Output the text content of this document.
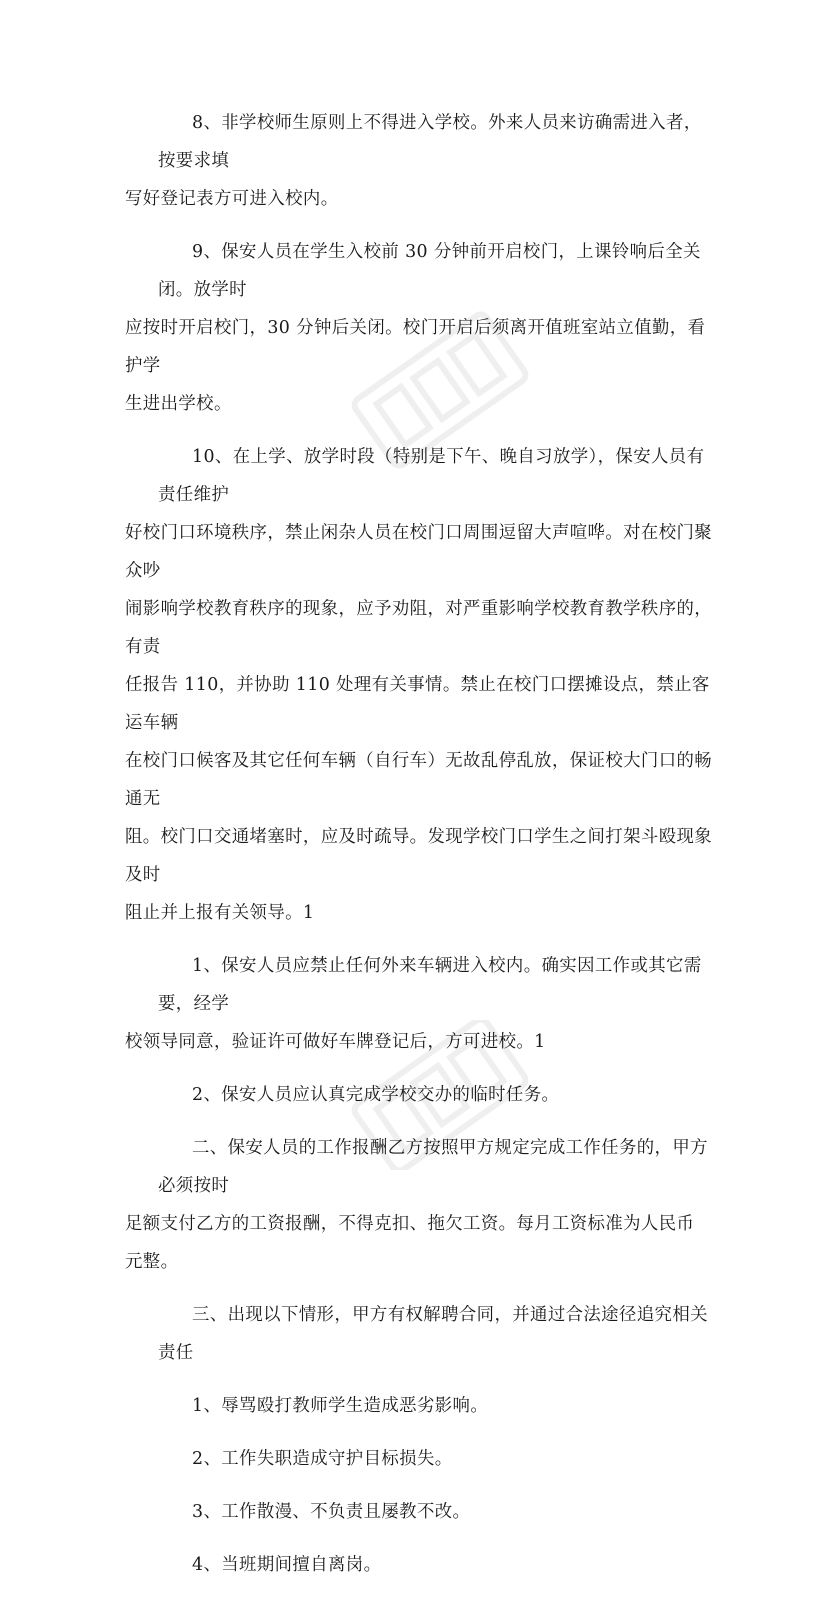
8、非学校师生原则上不得进入学校。外来人员来访确需进入者，按要求填
写好登记表方可进入校内。
9、保安人员在学生入校前 30 分钟前开启校门，上课铃响后全关闭。放学时
应按时开启校门，30 分钟后关闭。校门开启后须离开值班室站立值勤，看护学
生进出学校。
10、在上学、放学时段（特别是下午、晚自习放学），保安人员有责任维护
好校门口环境秩序，禁止闲杂人员在校门口周围逗留大声喧哗。对在校门聚众吵
闹影响学校教育秩序的现象，应予劝阻，对严重影响学校教育教学秩序的，有责
任报告 110，并协助 110 处理有关事情。禁止在校门口摆摊设点，禁止客运车辆
在校门口候客及其它任何车辆（自行车）无故乱停乱放，保证校大门口的畅通无
阻。校门口交通堵塞时，应及时疏导。发现学校门口学生之间打架斗殴现象及时
阻止并上报有关领导。1
1、保安人员应禁止任何外来车辆进入校内。确实因工作或其它需要，经学
校领导同意，验证许可做好车牌登记后，方可进校。1
2、保安人员应认真完成学校交办的临时任务。
二、保安人员的工作报酬乙方按照甲方规定完成工作任务的，甲方必须按时
足额支付乙方的工资报酬，不得克扣、拖欠工资。每月工资标准为人民币 元整。
三、出现以下情形，甲方有权解聘合同，并通过合法途径追究相关责任
1、辱骂殴打教师学生造成恶劣影响。
2、工作失职造成守护目标损失。
3、工作散漫、不负责且屡教不改。
4、当班期间擅自离岗。
